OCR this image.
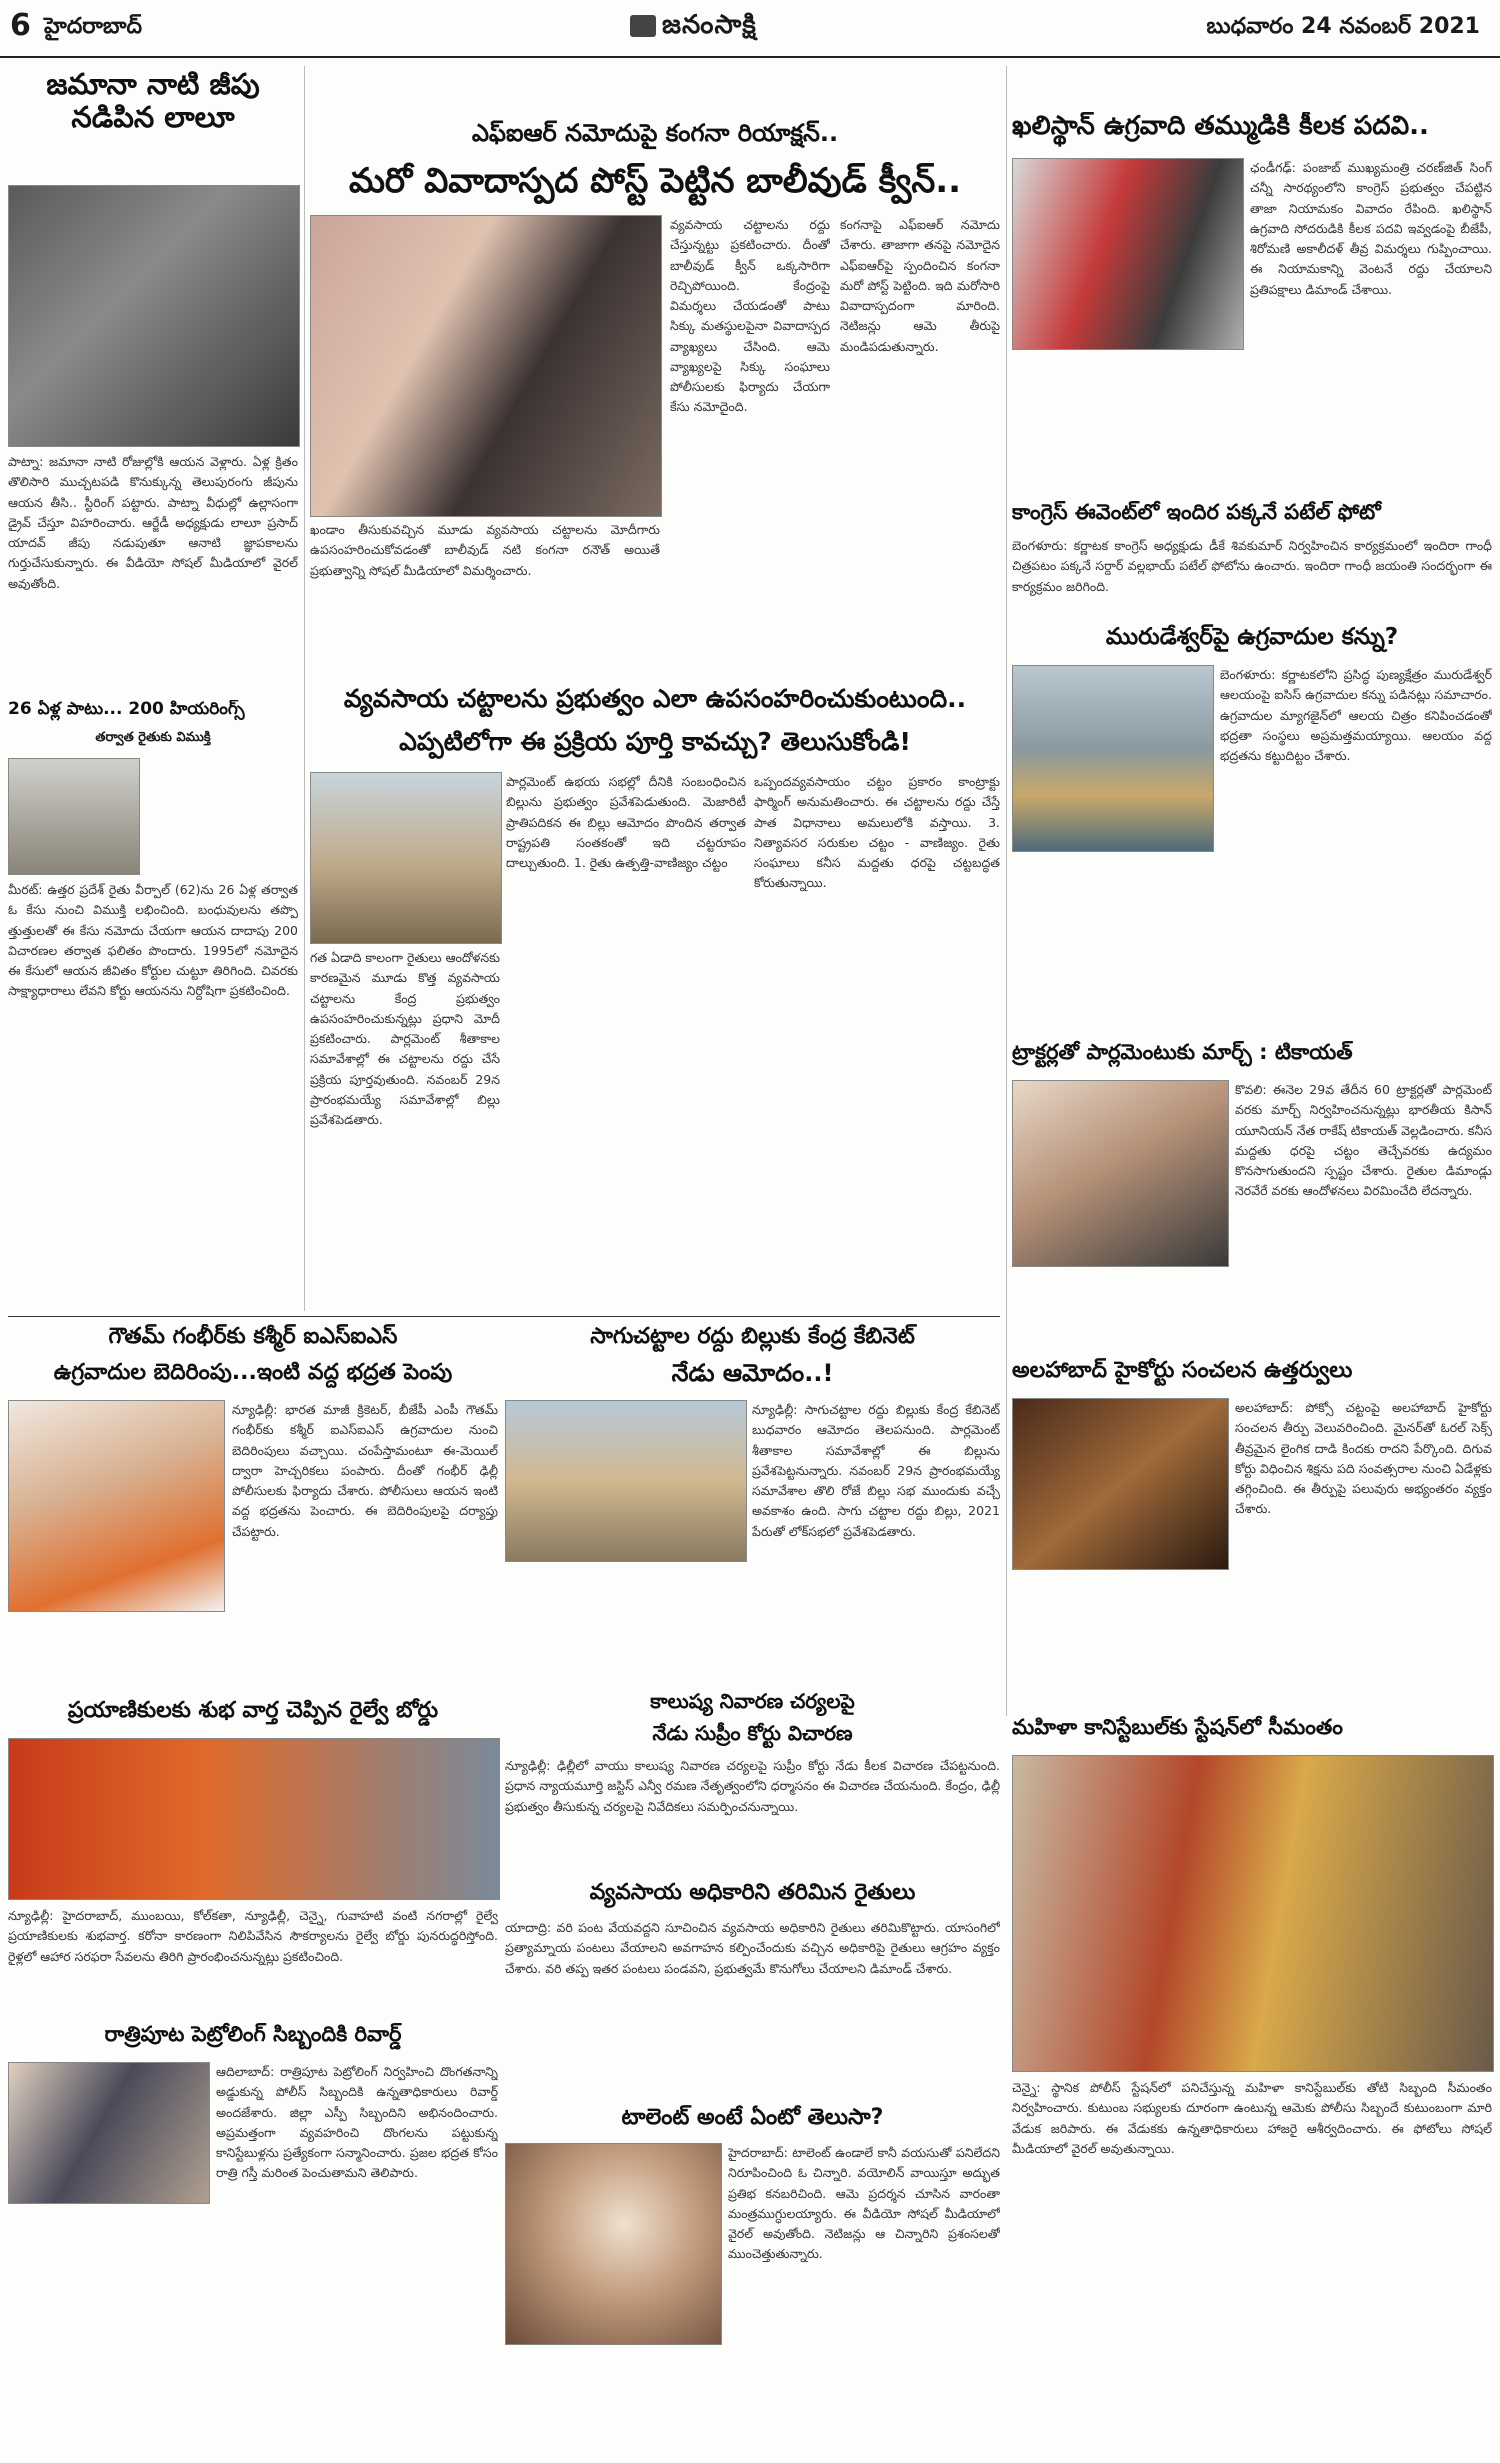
6 హైదరాబాద్	జనంసాక్షి	బుధవారం 24 నవంబర్ 2021
జమానా నాటి జీపు నడిపిన లాలూ
పాట్నా: జమానా నాటి రోజుల్లోకి ఆయన వెళ్లారు. ఏళ్ల క్రితం తొలిసారి ముచ్చటపడి కొనుక్కున్న తెలుపురంగు జీపును ఆయన తీసి.. స్టీరింగ్ పట్టారు. పాట్నా వీధుల్లో ఉల్లాసంగా డ్రైవ్ చేస్తూ విహరించారు. ఆర్జేడీ అధ్యక్షుడు లాలూ ప్రసాద్ యాదవ్ జీపు నడుపుతూ ఆనాటి జ్ఞాపకాలను గుర్తుచేసుకున్నారు. ఈ వీడియో సోషల్ మీడియాలో వైరల్ అవుతోంది.
26 ఏళ్ల పాటు... 200 హియరింగ్స్
తర్వాత రైతుకు విముక్తి
మీరట్: ఉత్తర ప్రదేశ్ రైతు వీర్పాల్ (62)ను 26 ఏళ్ల తర్వాత ఓ కేసు నుంచి విముక్తి లభించింది. బంధువులను తప్పొ త్తుత్తులతో ఈ కేసు నమోదు చేయగా ఆయన దాదాపు 200 విచారణల తర్వాత ఫలితం పొందారు. 1995లో నమోదైన ఈ కేసులో ఆయన జీవితం కోర్టుల చుట్టూ తిరిగింది. చివరకు సాక్ష్యాధారాలు లేవని కోర్టు ఆయనను నిర్దోషిగా ప్రకటించింది.
ఎఫ్ఐఆర్ నమోదుపై కంగనా రియాక్షన్..
మరో వివాదాస్పద పోస్ట్ పెట్టిన బాలీవుడ్ క్వీన్..
ఖండాం తీసుకువచ్చిన మూడు వ్యవసాయ చట్టాలను మోదీగారు ఉపసంహరించుకోవడంతో బాలీవుడ్ నటి కంగనా రనౌత్ అయితే ప్రభుత్వాన్ని సోషల్ మీడియాలో విమర్శించారు.
వ్యవసాయ చట్టాలను రద్దు చేస్తున్నట్టు ప్రకటించారు. దీంతో బాలీవుడ్ క్వీన్ ఒక్కసారిగా రెచ్చిపోయింది. కేంద్రంపై విమర్శలు చేయడంతో పాటు సిక్కు మతస్థులపైనా వివాదాస్పద వ్యాఖ్యలు చేసింది. ఆమె వ్యాఖ్యలపై సిక్కు సంఘాలు పోలీసులకు ఫిర్యాదు చేయగా కేసు నమోదైంది.
కంగనాపై ఎఫ్ఐఆర్ నమోదు చేశారు. తాజాగా తనపై నమోదైన ఎఫ్ఐఆర్‌పై స్పందించిన కంగనా మరో పోస్ట్ పెట్టింది. ఇది మరోసారి వివాదాస్పదంగా మారింది. నెటిజన్లు ఆమె తీరుపై మండిపడుతున్నారు.
వ్యవసాయ చట్టాలను ప్రభుత్వం ఎలా ఉపసంహరించుకుంటుంది..
ఎప్పటిలోగా ఈ ప్రక్రియ పూర్తి కావచ్చు? తెలుసుకోండి!
గత ఏడాది కాలంగా రైతులు ఆందోళనకు కారణమైన మూడు కొత్త వ్యవసాయ చట్టాలను కేంద్ర ప్రభుత్వం ఉపసంహరించుకున్నట్లు ప్రధాని మోదీ ప్రకటించారు. పార్లమెంట్ శీతాకాల సమావేశాల్లో ఈ చట్టాలను రద్దు చేసే ప్రక్రియ పూర్తవుతుంది. నవంబర్ 29న ప్రారంభమయ్యే సమావేశాల్లో బిల్లు ప్రవేశపెడతారు.
పార్లమెంట్ ఉభయ సభల్లో దీనికి సంబంధించిన బిల్లును ప్రభుత్వం ప్రవేశపెడుతుంది. మెజారిటీ ప్రాతిపదికన ఈ బిల్లు ఆమోదం పొందిన తర్వాత రాష్ట్రపతి సంతకంతో ఇది చట్టరూపం దాల్చుతుంది. 1. రైతు ఉత్పత్తి-వాణిజ్యం చట్టం
ఒప్పందవ్యవసాయం చట్టం ప్రకారం కాంట్రాక్టు ఫార్మింగ్ అనుమతించారు. ఈ చట్టాలను రద్దు చేస్తే పాత విధానాలు అమలులోకి వస్తాయి. 3. నిత్యావసర సరుకుల చట్టం - వాణిజ్యం. రైతు సంఘాలు కనీస మద్దతు ధరపై చట్టబద్ధత కోరుతున్నాయి.
ఖలిస్థాన్ ఉగ్రవాది తమ్ముడికి కీలక పదవి..
ఛండీగఢ్: పంజాబ్ ముఖ్యమంత్రి చరణ్‌జిత్ సింగ్ చన్నీ సారథ్యంలోని కాంగ్రెస్ ప్రభుత్వం చేపట్టిన తాజా నియామకం వివాదం రేపింది. ఖలిస్థాన్ ఉగ్రవాది సోదరుడికి కీలక పదవి ఇవ్వడంపై బీజేపీ, శిరోమణి అకాలీదళ్ తీవ్ర విమర్శలు గుప్పించాయి. ఈ నియామకాన్ని వెంటనే రద్దు చేయాలని ప్రతిపక్షాలు డిమాండ్ చేశాయి.
కాంగ్రెస్ ఈవెంట్‌లో ఇందిర పక్కనే పటేల్ ఫోటో
బెంగళూరు: కర్ణాటక కాంగ్రెస్ అధ్యక్షుడు డీకే శివకుమార్ నిర్వహించిన కార్యక్రమంలో ఇందిరా గాంధీ చిత్రపటం పక్కనే సర్దార్ వల్లభాయ్ పటేల్ ఫోటోను ఉంచారు. ఇందిరా గాంధీ జయంతి సందర్భంగా ఈ కార్యక్రమం జరిగింది.
మురుడేశ్వర్‌పై ఉగ్రవాదుల కన్ను?
బెంగళూరు: కర్ణాటకలోని ప్రసిద్ధ పుణ్యక్షేత్రం మురుడేశ్వర్ ఆలయంపై ఐసిస్ ఉగ్రవాదుల కన్ను పడినట్లు సమాచారం. ఉగ్రవాదుల మ్యాగజైన్‌లో ఆలయ చిత్రం కనిపించడంతో భద్రతా సంస్థలు అప్రమత్తమయ్యాయి. ఆలయం వద్ద భద్రతను కట్టుదిట్టం చేశారు.
ట్రాక్టర్లతో పార్లమెంటుకు మార్చ్ : టికాయత్
కొవలి: ఈనెల 29వ తేదీన 60 ట్రాక్టర్లతో పార్లమెంట్ వరకు మార్చ్ నిర్వహించనున్నట్లు భారతీయ కిసాన్ యూనియన్ నేత రాకేష్ టికాయత్ వెల్లడించారు. కనీస మద్దతు ధరపై చట్టం తెచ్చేవరకు ఉద్యమం కొనసాగుతుందని స్పష్టం చేశారు. రైతుల డిమాండ్లు నెరవేరే వరకు ఆందోళనలు విరమించేది లేదన్నారు.
అలహాబాద్ హైకోర్టు సంచలన ఉత్తర్వులు
అలహాబాద్: పోక్సో చట్టంపై అలహాబాద్ హైకోర్టు సంచలన తీర్పు వెలువరించింది. మైనర్‌తో ఓరల్ సెక్స్ తీవ్రమైన లైంగిక దాడి కిందకు రాదని పేర్కొంది. దిగువ కోర్టు విధించిన శిక్షను పది సంవత్సరాల నుంచి ఏడేళ్లకు తగ్గించింది. ఈ తీర్పుపై పలువురు అభ్యంతరం వ్యక్తం చేశారు.
మహిళా కానిస్టేబుల్‌కు స్టేషన్‌లో సీమంతం
చెన్నై: స్థానిక పోలీస్ స్టేషన్‌లో పనిచేస్తున్న మహిళా కానిస్టేబుల్‌కు తోటి సిబ్బంది సీమంతం నిర్వహించారు. కుటుంబ సభ్యులకు దూరంగా ఉంటున్న ఆమెకు పోలీసు సిబ్బందే కుటుంబంగా మారి వేడుక జరిపారు. ఈ వేడుకకు ఉన్నతాధికారులు హాజరై ఆశీర్వదించారు. ఈ ఫోటోలు సోషల్ మీడియాలో వైరల్ అవుతున్నాయి.
గౌతమ్ గంభీర్‌కు కశ్మీర్ ఐఎస్ఐఎస్
ఉగ్రవాదుల బెదిరింపు...ఇంటి వద్ద భద్రత పెంపు
న్యూఢిల్లీ: భారత మాజీ క్రికెటర్, బీజేపీ ఎంపీ గౌతమ్ గంభీర్‌కు కశ్మీర్ ఐఎస్ఐఎస్ ఉగ్రవాదుల నుంచి బెదిరింపులు వచ్చాయి. చంపేస్తామంటూ ఈ-మెయిల్ ద్వారా హెచ్చరికలు పంపారు. దీంతో గంభీర్ ఢిల్లీ పోలీసులకు ఫిర్యాదు చేశారు. పోలీసులు ఆయన ఇంటి వద్ద భద్రతను పెంచారు. ఈ బెదిరింపులపై దర్యాప్తు చేపట్టారు.
సాగుచట్టాల రద్దు బిల్లుకు కేంద్ర కేబినెట్
నేడు ఆమోదం..!
న్యూఢిల్లీ: సాగుచట్టాల రద్దు బిల్లుకు కేంద్ర కేబినెట్ బుధవారం ఆమోదం తెలపనుంది. పార్లమెంట్ శీతాకాల సమావేశాల్లో ఈ బిల్లును ప్రవేశపెట్టనున్నారు. నవంబర్ 29న ప్రారంభమయ్యే సమావేశాల తొలి రోజే బిల్లు సభ ముందుకు వచ్చే అవకాశం ఉంది. సాగు చట్టాల రద్దు బిల్లు, 2021 పేరుతో లోక్‌సభలో ప్రవేశపెడతారు.
కాలుష్య నివారణ చర్యలపై
నేడు సుప్రీం కోర్టు విచారణ
న్యూఢిల్లీ: ఢిల్లీలో వాయు కాలుష్య నివారణ చర్యలపై సుప్రీం కోర్టు నేడు కీలక విచారణ చేపట్టనుంది. ప్రధాన న్యాయమూర్తి జస్టిస్ ఎన్వీ రమణ నేతృత్వంలోని ధర్మాసనం ఈ విచారణ చేయనుంది. కేంద్రం, ఢిల్లీ ప్రభుత్వం తీసుకున్న చర్యలపై నివేదికలు సమర్పించనున్నాయి.
ప్రయాణికులకు శుభ వార్త చెప్పిన రైల్వే బోర్డు
న్యూఢిల్లీ: హైదరాబాద్, ముంబయి, కోల్‌కతా, న్యూఢిల్లీ, చెన్నై, గువాహటి వంటి నగరాల్లో రైల్వే ప్రయాణికులకు శుభవార్త. కరోనా కారణంగా నిలిపివేసిన సౌకర్యాలను రైల్వే బోర్డు పునరుద్ధరిస్తోంది. రైళ్లలో ఆహార సరఫరా సేవలను తిరిగి ప్రారంభించనున్నట్లు ప్రకటించింది.
రాత్రిపూట పెట్రోలింగ్ సిబ్బందికి రివార్డ్
ఆదిలాబాద్: రాత్రిపూట పెట్రోలింగ్ నిర్వహించి దొంగతనాన్ని అడ్డుకున్న పోలీస్ సిబ్బందికి ఉన్నతాధికారులు రివార్డ్ అందజేశారు. జిల్లా ఎస్పీ సిబ్బందిని అభినందించారు. అప్రమత్తంగా వ్యవహరించి దొంగలను పట్టుకున్న కానిస్టేబుళ్లను ప్రత్యేకంగా సన్మానించారు. ప్రజల భద్రత కోసం రాత్రి గస్తీ మరింత పెంచుతామని తెలిపారు.
వ్యవసాయ అధికారిని తరిమిన రైతులు
యాదాద్రి: వరి పంట వేయవద్దని సూచించిన వ్యవసాయ అధికారిని రైతులు తరిమికొట్టారు. యాసంగిలో ప్రత్యామ్నాయ పంటలు వేయాలని అవగాహన కల్పించేందుకు వచ్చిన అధికారిపై రైతులు ఆగ్రహం వ్యక్తం చేశారు. వరి తప్ప ఇతర పంటలు పండవని, ప్రభుత్వమే కొనుగోలు చేయాలని డిమాండ్ చేశారు.
టాలెంట్ అంటే ఏంటో తెలుసా?
హైదరాబాద్: టాలెంట్ ఉండాలే కానీ వయసుతో పనిలేదని నిరూపించింది ఓ చిన్నారి. వయోలిన్ వాయిస్తూ అద్భుత ప్రతిభ కనబరిచింది. ఆమె ప్రదర్శన చూసిన వారంతా మంత్రముగ్ధులయ్యారు. ఈ వీడియో సోషల్ మీడియాలో వైరల్ అవుతోంది. నెటిజన్లు ఆ చిన్నారిని ప్రశంసలతో ముంచెత్తుతున్నారు.
